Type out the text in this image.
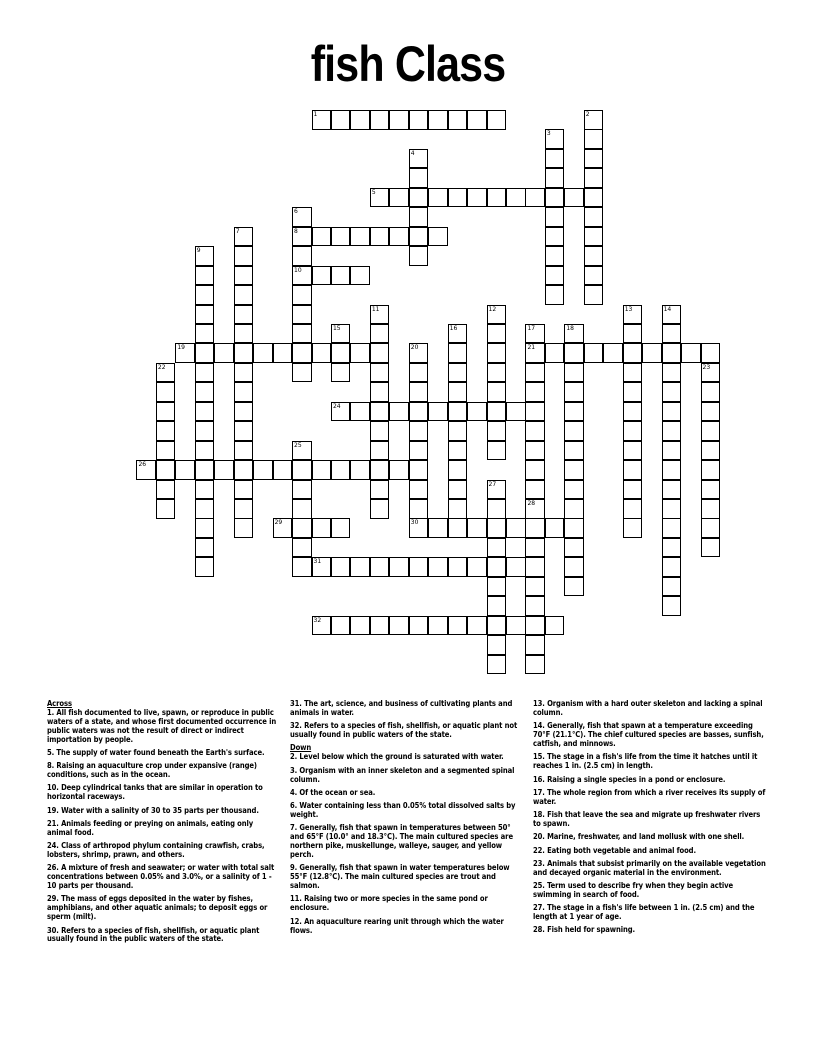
fish Class
1
5
8
10
19	21
24
26
29	30
31
32
2
3
4
6
7
9
11	12	13	14
15	16	17	18
20
22	23
25
27
28

Across

1. All fish documented to live, spawn, or reproduce in public waters of a state, and whose first documented occurrence in public waters was not the result of direct or indirect importation by people.

5. The supply of water found beneath the Earth's surface.

8. Raising an aquaculture crop under expansive (range) conditions, such as in the ocean.

10. Deep cylindrical tanks that are similar in operation to horizontal raceways.

19. Water with a salinity of 30 to 35 parts per thousand.

21. Animals feeding or preying on animals, eating only animal food.

24. Class of arthropod phylum containing crawfish, crabs, lobsters, shrimp, prawn, and others.

26. A mixture of fresh and seawater; or water with total salt concentrations between 0.05% and 3.0%, or a salinity of 1 - 10 parts per thousand.

29. The mass of eggs deposited in the water by fishes, amphibians, and other aquatic animals; to deposit eggs or sperm (milt).

30. Refers to a species of fish, shellfish, or aquatic plant usually found in the public waters of the state.

31. The art, science, and business of cultivating plants and animals in water.

32. Refers to a species of fish, shellfish, or aquatic plant not usually found in public waters of the state.

Down

2. Level below which the ground is saturated with water.

3. Organism with an inner skeleton and a segmented spinal column.

4. Of the ocean or sea.

6. Water containing less than 0.05% total dissolved salts by weight.

7. Generally, fish that spawn in temperatures between 50° and 65°F (10.0° and 18.3°C). The main cultured species are northern pike, muskellunge, walleye, sauger, and yellow perch.

9. Generally, fish that spawn in water temperatures below 55°F (12.8°C). The main cultured species are trout and salmon.

11. Raising two or more species in the same pond or enclosure.

12. An aquaculture rearing unit through which the water flows.

13. Organism with a hard outer skeleton and lacking a spinal column.

14. Generally, fish that spawn at a temperature exceeding 70°F (21.1°C). The chief cultured species are basses, sunfish, catfish, and minnows.

15. The stage in a fish's life from the time it hatches until it reaches 1 in. (2.5 cm) in length.

16. Raising a single species in a pond or enclosure.

17. The whole region from which a river receives its supply of water.

18. Fish that leave the sea and migrate up freshwater rivers to spawn.

20. Marine, freshwater, and land mollusk with one shell.

22. Eating both vegetable and animal food.

23. Animals that subsist primarily on the available vegetation and decayed organic material in the environment.

25. Term used to describe fry when they begin active swimming in search of food.

27. The stage in a fish's life between 1 in. (2.5 cm) and the length at 1 year of age.

28. Fish held for spawning.
